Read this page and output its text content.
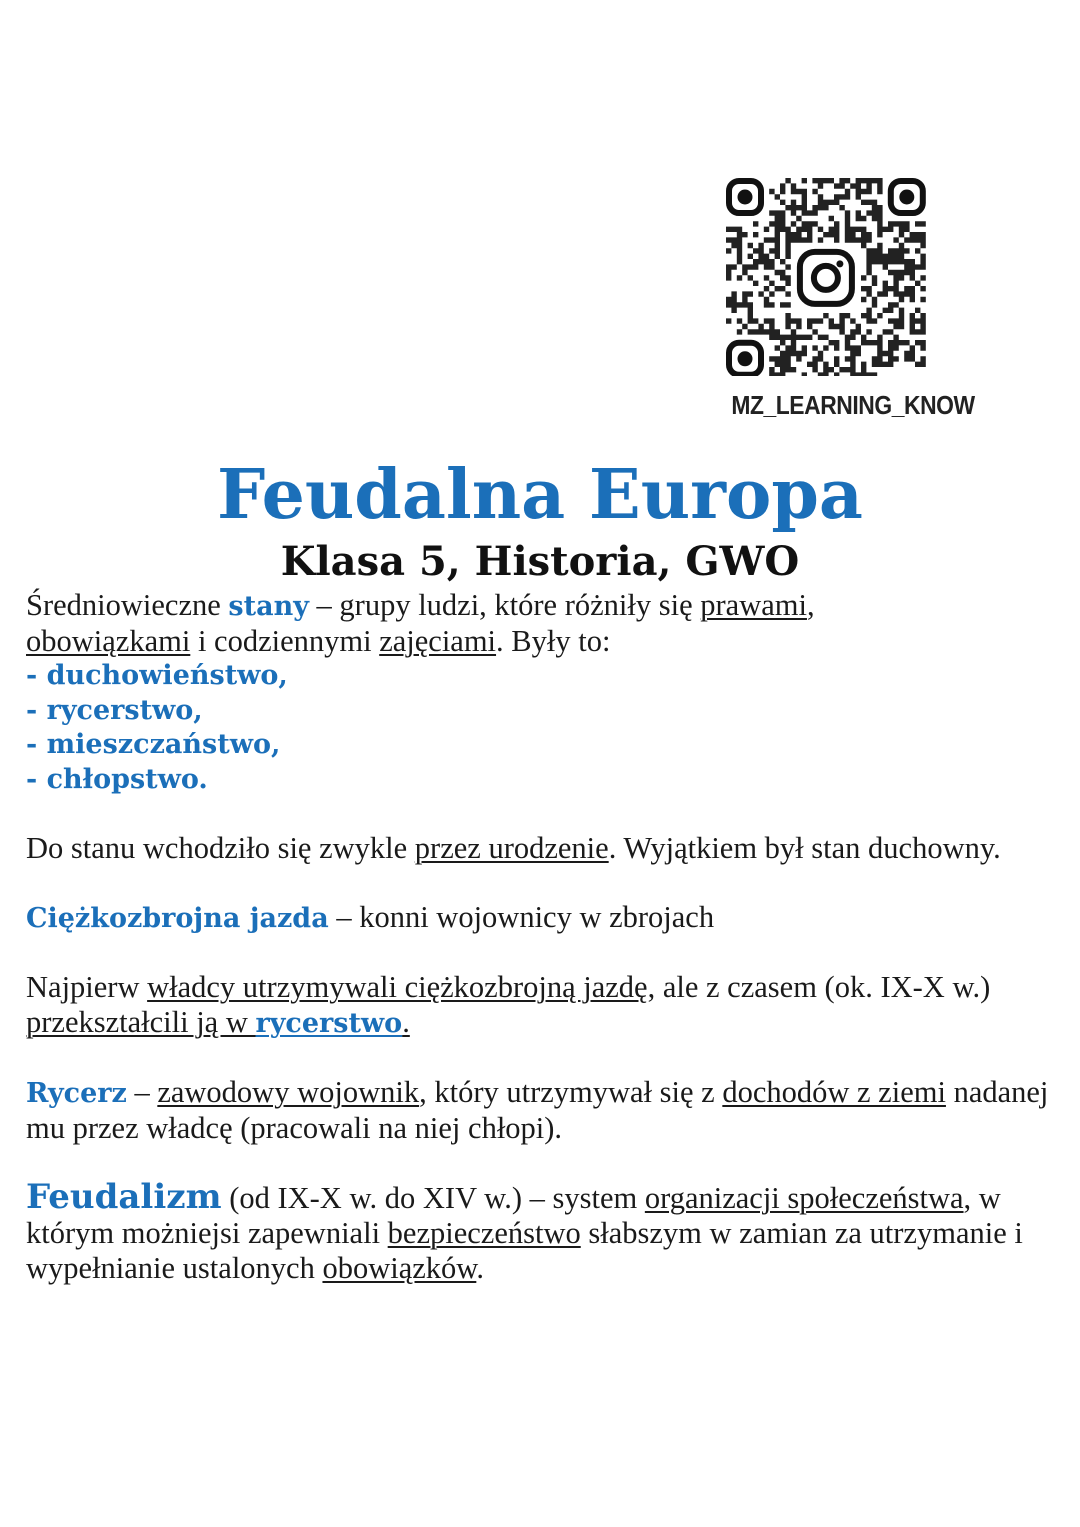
MZ_LEARNING_KNOW
Feudalna Europa
Klasa 5, Historia, GWO

Średniowieczne stany – grupy ludzi, które różniły się prawami,
obowiązkami i codziennymi zajęciami. Były to:

- duchowieństwo,
- rycerstwo,
- mieszczaństwo,
- chłopstwo.

Do stanu wchodziło się zwykle przez urodzenie. Wyjątkiem był stan duchowny.

Ciężkozbrojna jazda – konni wojownicy w zbrojach

Najpierw władcy utrzymywali ciężkozbrojną jazdę, ale z czasem (ok. IX-X w.) przekształcili ją w rycerstwo.

Rycerz – zawodowy wojownik, który utrzymywał się z dochodów z ziemi nadanej mu przez władcę (pracowali na niej chłopi).

Feudalizm (od IX-X w. do XIV w.) – system organizacji społeczeństwa, w którym możniejsi zapewniali bezpieczeństwo słabszym w zamian za utrzymanie i wypełnianie ustalonych obowiązków.
